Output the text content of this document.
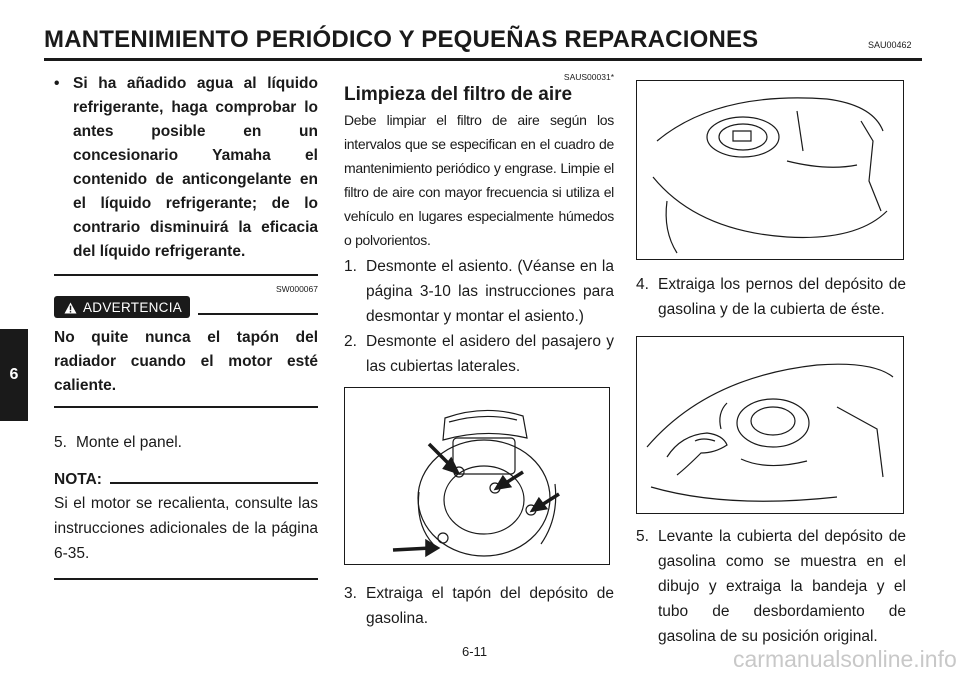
MANTENIMIENTO PERIÓDICO Y PEQUEÑAS REPARACIONES	SAU00462
6
• Si ha añadido agua al líquido refrigerante, haga comprobar lo antes posible en un concesionario Yamaha el contenido de anticongelante en el líquido refrigerante; de lo contrario disminuirá la eficacia del líquido refrigerante.
SW000067
ADVERTENCIA
No quite nunca el tapón del radiador cuando el motor esté caliente.
5. Monte el panel.
NOTA:
Si el motor se recalienta, consulte las instrucciones adicionales de la página 6-35.
SAUS00031*
Limpieza del filtro de aire
Debe limpiar el filtro de aire según los intervalos que se especifican en el cuadro de mantenimiento periódico y engrase. Limpie el filtro de aire con mayor frecuencia si utiliza el vehículo en lugares especialmente húmedos o polvorientos.
1. Desmonte el asiento. (Véanse en la página 3-10 las instrucciones para desmontar y montar el asiento.)
2. Desmonte el asidero del pasajero y las cubiertas laterales.
3. Extraiga el tapón del depósito de gasolina.
4. Extraiga los pernos del depósito de gasolina y de la cubierta de éste.
5. Levante la cubierta del depósito de gasolina como se muestra en el dibujo y extraiga la bandeja y el tubo de desbordamiento de gasolina de su posición original.
6-11	carmanualsonline.info
